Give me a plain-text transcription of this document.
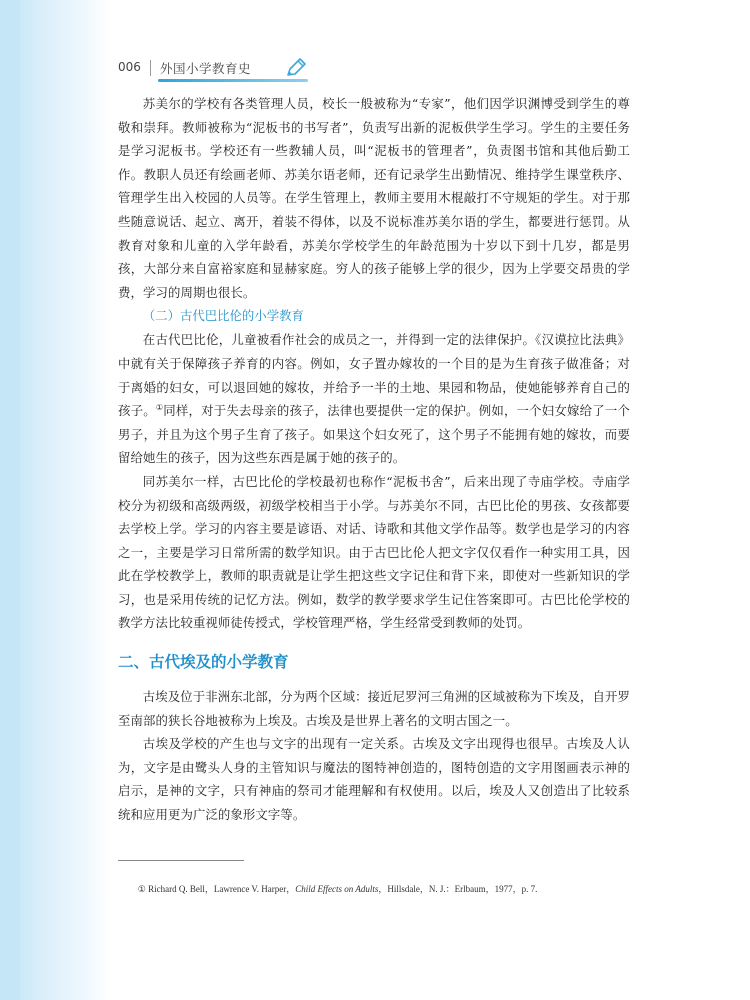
006 外国小学教育史

苏美尔的学校有各类管理人员，校长一般被称为“专家”，他们因学识渊博受到学生的尊敬和崇拜。教师被称为“泥板书的书写者”，负责写出新的泥板供学生学习。学生的主要任务是学习泥板书。学校还有一些教辅人员，叫“泥板书的管理者”，负责图书馆和其他后勤工作。教职人员还有绘画老师、苏美尔语老师，还有记录学生出勤情况、维持学生课堂秩序、管理学生出入校园的人员等。在学生管理上，教师主要用木棍敲打不守规矩的学生。对于那些随意说话、起立、离开，着装不得体，以及不说标准苏美尔语的学生，都要进行惩罚。从教育对象和儿童的入学年龄看，苏美尔学校学生的年龄范围为十岁以下到十几岁，都是男孩，大部分来自富裕家庭和显赫家庭。穷人的孩子能够上学的很少，因为上学要交昂贵的学费，学习的周期也很长。

（二）古代巴比伦的小学教育

在古代巴比伦，儿童被看作社会的成员之一，并得到一定的法律保护。《汉谟拉比法典》中就有关于保障孩子养育的内容。例如，女子置办嫁妆的一个目的是为生育孩子做准备；对于离婚的妇女，可以退回她的嫁妆，并给予一半的土地、果园和物品，使她能够养育自己的孩子。①同样，对于失去母亲的孩子，法律也要提供一定的保护。例如，一个妇女嫁给了一个男子，并且为这个男子生育了孩子。如果这个妇女死了，这个男子不能拥有她的嫁妆，而要留给她生的孩子，因为这些东西是属于她的孩子的。

同苏美尔一样，古巴比伦的学校最初也称作“泥板书舍”，后来出现了寺庙学校。寺庙学校分为初级和高级两级，初级学校相当于小学。与苏美尔不同，古巴比伦的男孩、女孩都要去学校上学。学习的内容主要是谚语、对话、诗歌和其他文学作品等。数学也是学习的内容之一，主要是学习日常所需的数学知识。由于古巴比伦人把文字仅仅看作一种实用工具，因此在学校教学上，教师的职责就是让学生把这些文字记住和背下来，即使对一些新知识的学习，也是采用传统的记忆方法。例如，数学的教学要求学生记住答案即可。古巴比伦学校的教学方法比较重视师徒传授式，学校管理严格，学生经常受到教师的处罚。

二、古代埃及的小学教育

古埃及位于非洲东北部，分为两个区域：接近尼罗河三角洲的区域被称为下埃及，自开罗至南部的狭长谷地被称为上埃及。古埃及是世界上著名的文明古国之一。

古埃及学校的产生也与文字的出现有一定关系。古埃及文字出现得也很早。古埃及人认为，文字是由鹭头人身的主管知识与魔法的图特神创造的，图特创造的文字用图画表示神的启示，是神的文字，只有神庙的祭司才能理解和有权使用。以后，埃及人又创造出了比较系统和应用更为广泛的象形文字等。

① Richard Q. Bell，Lawrence V. Harper，Child Effects on Adults，Hillsdale，N. J.：Erlbaum，1977，p. 7.
